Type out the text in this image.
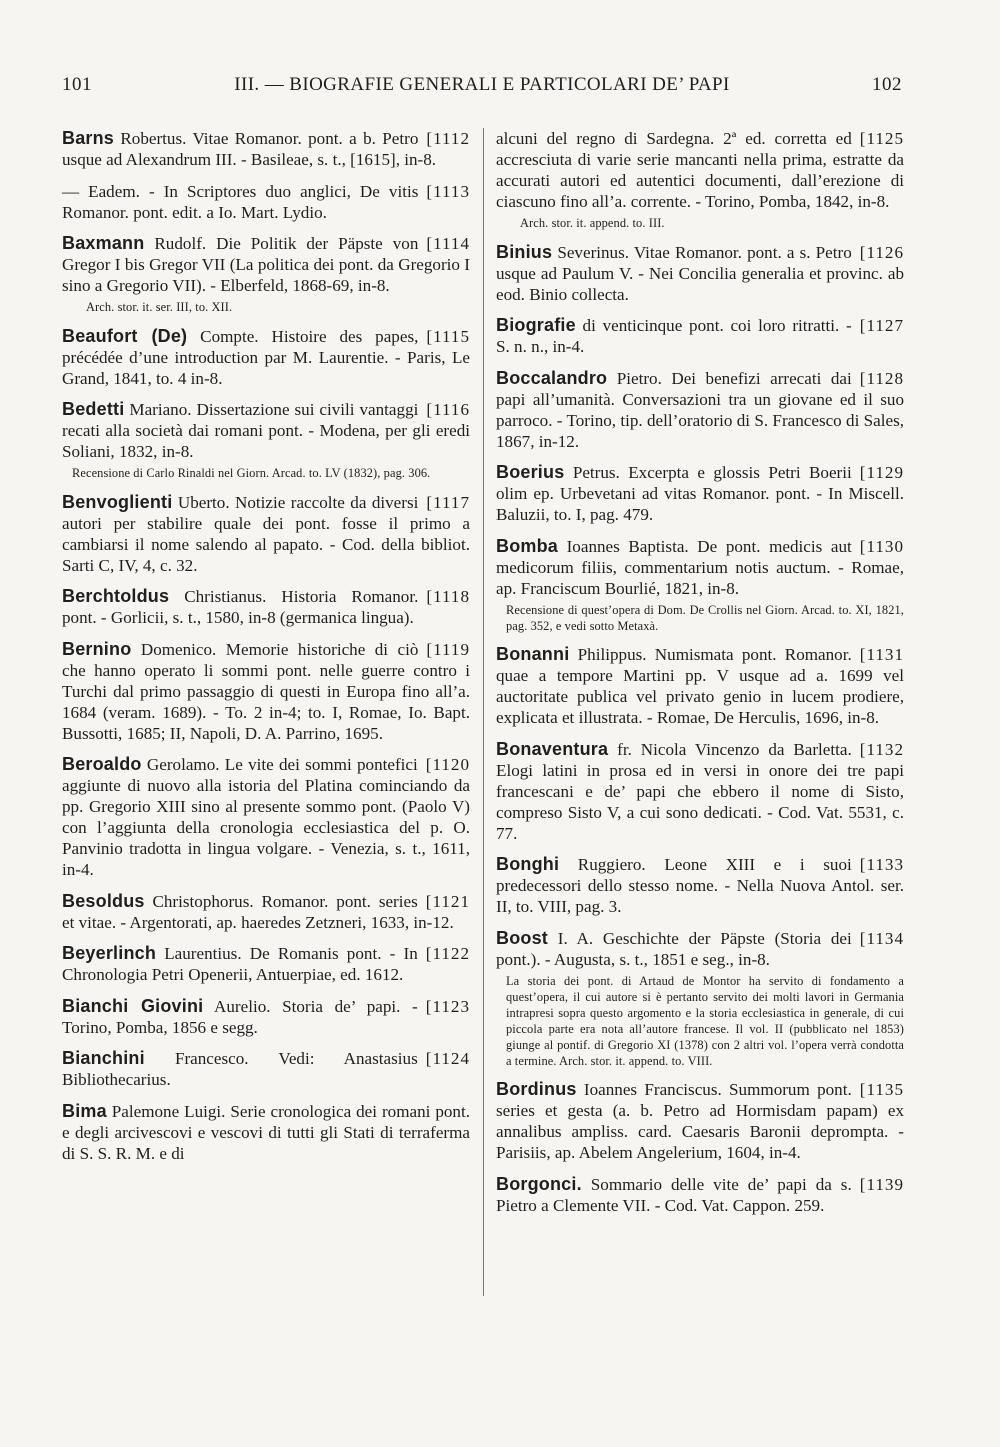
101	III. — BIOGRAFIE GENERALI E PARTICOLARI DE’ PAPI	102
[1112
Barns Robertus. Vitae Romanor. pont. a b. Petro usque ad Alexandrum III. - Basileae, s. t., [1615], in-8.
[1113
— Eadem. - In Scriptores duo anglici, De vitis Romanor. pont. edit. a Io. Mart. Lydio.
[1114
Baxmann Rudolf. Die Politik der Päpste von Gregor I bis Gregor VII (La politica dei pont. da Gregorio I sino a Gregorio VII). - Elberfeld, 1868-69, in-8.
Arch. stor. it. ser. III, to. XII.
[1115
Beaufort (De) Compte. Histoire des papes, précédée d’une introduction par M. Laurentie. - Paris, Le Grand, 1841, to. 4 in-8.
[1116
Bedetti Mariano. Dissertazione sui civili vantaggi recati alla società dai romani pont. - Modena, per gli eredi Soliani, 1832, in-8.
Recensione di Carlo Rinaldi nel Giorn. Arcad. to. LV (1832), pag. 306.
[1117
Benvoglienti Uberto. Notizie raccolte da diversi autori per stabilire quale dei pont. fosse il primo a cambiarsi il nome salendo al papato. - Cod. della bibliot. Sarti C, IV, 4, c. 32.
[1118
Berchtoldus Christianus. Historia Romanor. pont. - Gorlicii, s. t., 1580, in-8 (germanica lingua).
[1119
Bernino Domenico. Memorie historiche di ciò che hanno operato li sommi pont. nelle guerre contro i Turchi dal primo passaggio di questi in Europa fino all’a. 1684 (veram. 1689). - To. 2 in-4; to. I, Romae, Io. Bapt. Bussotti, 1685; II, Napoli, D. A. Parrino, 1695.
[1120
Beroaldo Gerolamo. Le vite dei sommi pontefici aggiunte di nuovo alla istoria del Platina cominciando da pp. Gregorio XIII sino al presente sommo pont. (Paolo V) con l’aggiunta della cronologia ecclesiastica del p. O. Panvinio tradotta in lingua volgare. - Venezia, s. t., 1611, in-4.
[1121
Besoldus Christophorus. Romanor. pont. series et vitae. - Argentorati, ap. haeredes Zetzneri, 1633, in-12.
[1122
Beyerlinch Laurentius. De Romanis pont. - In Chronologia Petri Openerii, Antuerpiae, ed. 1612.
[1123
Bianchi Giovini Aurelio. Storia de’ papi. - Torino, Pomba, 1856 e segg.
[1124
Bianchini Francesco. Vedi: Anastasius Bibliothecarius.
Bima Palemone Luigi. Serie cronologica dei romani pont. e degli arcivescovi e vescovi di tutti gli Stati di terraferma di S. S. R. M. e di
[1125
alcuni del regno di Sardegna. 2ª ed. corretta ed accresciuta di varie serie mancanti nella prima, estratte da accurati autori ed autentici documenti, dall’erezione di ciascuno fino all’a. corrente. - Torino, Pomba, 1842, in-8.
Arch. stor. it. append. to. III.
[1126
Binius Severinus. Vitae Romanor. pont. a s. Petro usque ad Paulum V. - Nei Concilia generalia et provinc. ab eod. Binio collecta.
[1127
Biografie di venticinque pont. coi loro ritratti. - S. n. n., in-4.
[1128
Boccalandro Pietro. Dei benefizi arrecati dai papi all’umanità. Conversazioni tra un giovane ed il suo parroco. - Torino, tip. dell’oratorio di S. Francesco di Sales, 1867, in-12.
[1129
Boerius Petrus. Excerpta e glossis Petri Boerii olim ep. Urbevetani ad vitas Romanor. pont. - In Miscell. Baluzii, to. I, pag. 479.
[1130
Bomba Ioannes Baptista. De pont. medicis aut medicorum filiis, commentarium notis auctum. - Romae, ap. Franciscum Bourlié, 1821, in-8.
Recensione di quest’opera di Dom. De Crollis nel Giorn. Arcad. to. XI, 1821, pag. 352, e vedi sotto Metaxà.
[1131
Bonanni Philippus. Numismata pont. Romanor. quae a tempore Martini pp. V usque ad a. 1699 vel auctoritate publica vel privato genio in lucem prodiere, explicata et illustrata. - Romae, De Herculis, 1696, in-8.
[1132
Bonaventura fr. Nicola Vincenzo da Barletta. Elogi latini in prosa ed in versi in onore dei tre papi francescani e de’ papi che ebbero il nome di Sisto, compreso Sisto V, a cui sono dedicati. - Cod. Vat. 5531, c. 77.
[1133
Bonghi Ruggiero. Leone XIII e i suoi predecessori dello stesso nome. - Nella Nuova Antol. ser. II, to. VIII, pag. 3.
[1134
Boost I. A. Geschichte der Päpste (Storia dei pont.). - Augusta, s. t., 1851 e seg., in-8.
La storia dei pont. di Artaud de Montor ha servito di fondamento a quest’opera, il cui autore si è pertanto servito dei molti lavori in Germania intrapresi sopra questo argomento e la storia ecclesiastica in generale, di cui piccola parte era nota all’autore francese. Il vol. II (pubblicato nel 1853) giunge al pontif. di Gregorio XI (1378) con 2 altri vol. l’opera verrà condotta a termine. Arch. stor. it. append. to. VIII.
[1135
Bordinus Ioannes Franciscus. Summorum pont. series et gesta (a. b. Petro ad Hormisdam papam) ex annalibus ampliss. card. Caesaris Baronii deprompta. - Parisiis, ap. Abelem Angelerium, 1604, in-4.
[1139
Borgonci. Sommario delle vite de’ papi da s. Pietro a Clemente VII. - Cod. Vat. Cappon. 259.
